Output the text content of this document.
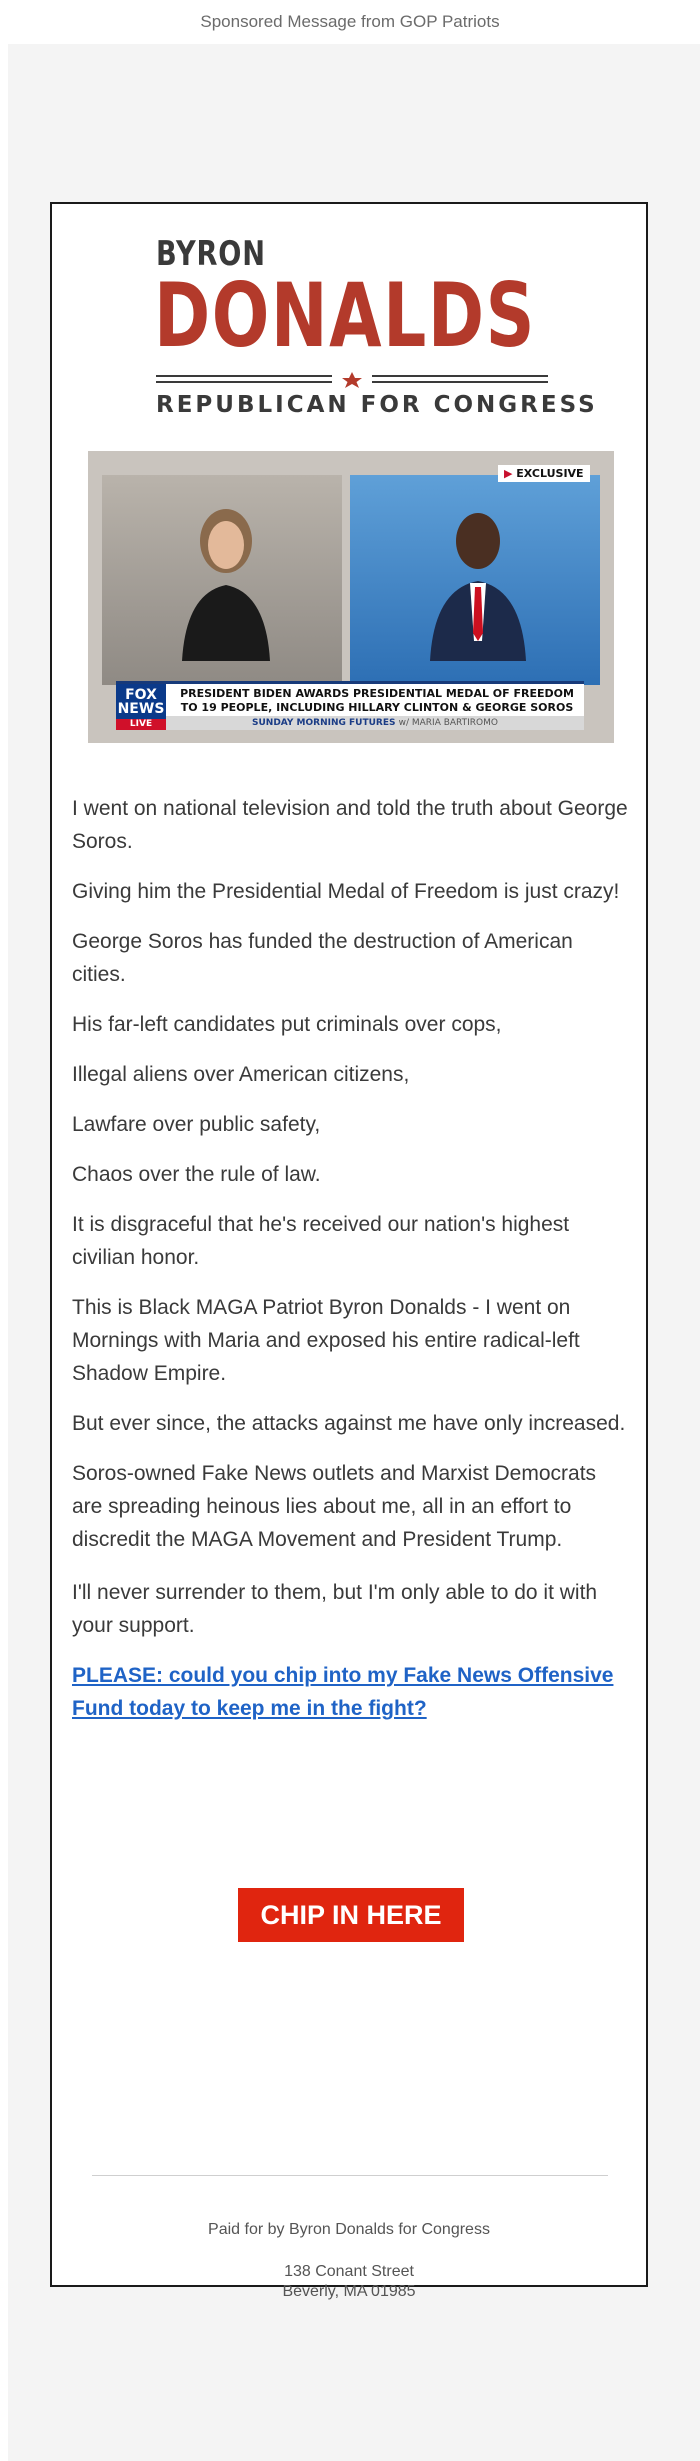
Sponsored Message from GOP Patriots
BYRON
DONALDS
REPUBLICAN FOR CONGRESS
▶ EXCLUSIVE
FOX
NEWS
LIVE
PRESIDENT BIDEN AWARDS PRESIDENTIAL MEDAL OF FREEDOM
TO 19 PEOPLE, INCLUDING HILLARY CLINTON & GEORGE SOROS
SUNDAY MORNING FUTURES w/ MARIA BARTIROMO

I went on national television and told the truth about George Soros.

Giving him the Presidential Medal of Freedom is just crazy!

George Soros has funded the destruction of American cities.

His far-left candidates put criminals over cops,

Illegal aliens over American citizens,

Lawfare over public safety,

Chaos over the rule of law.

It is disgraceful that he's received our nation's highest civilian honor.

This is Black MAGA Patriot Byron Donalds - I went on Mornings with Maria and exposed his entire radical-left Shadow Empire.

But ever since, the attacks against me have only increased.

Soros-owned Fake News outlets and Marxist Democrats are spreading heinous lies about me, all in an effort to discredit the MAGA Movement and President Trump.

I'll never surrender to them, but I'm only able to do it with your support.

PLEASE: could you chip into my Fake News Offensive Fund today to keep me in the fight?

CHIP IN HERE
Paid for by Byron Donalds for Congress
138 Conant Street
Beverly, MA 01985
